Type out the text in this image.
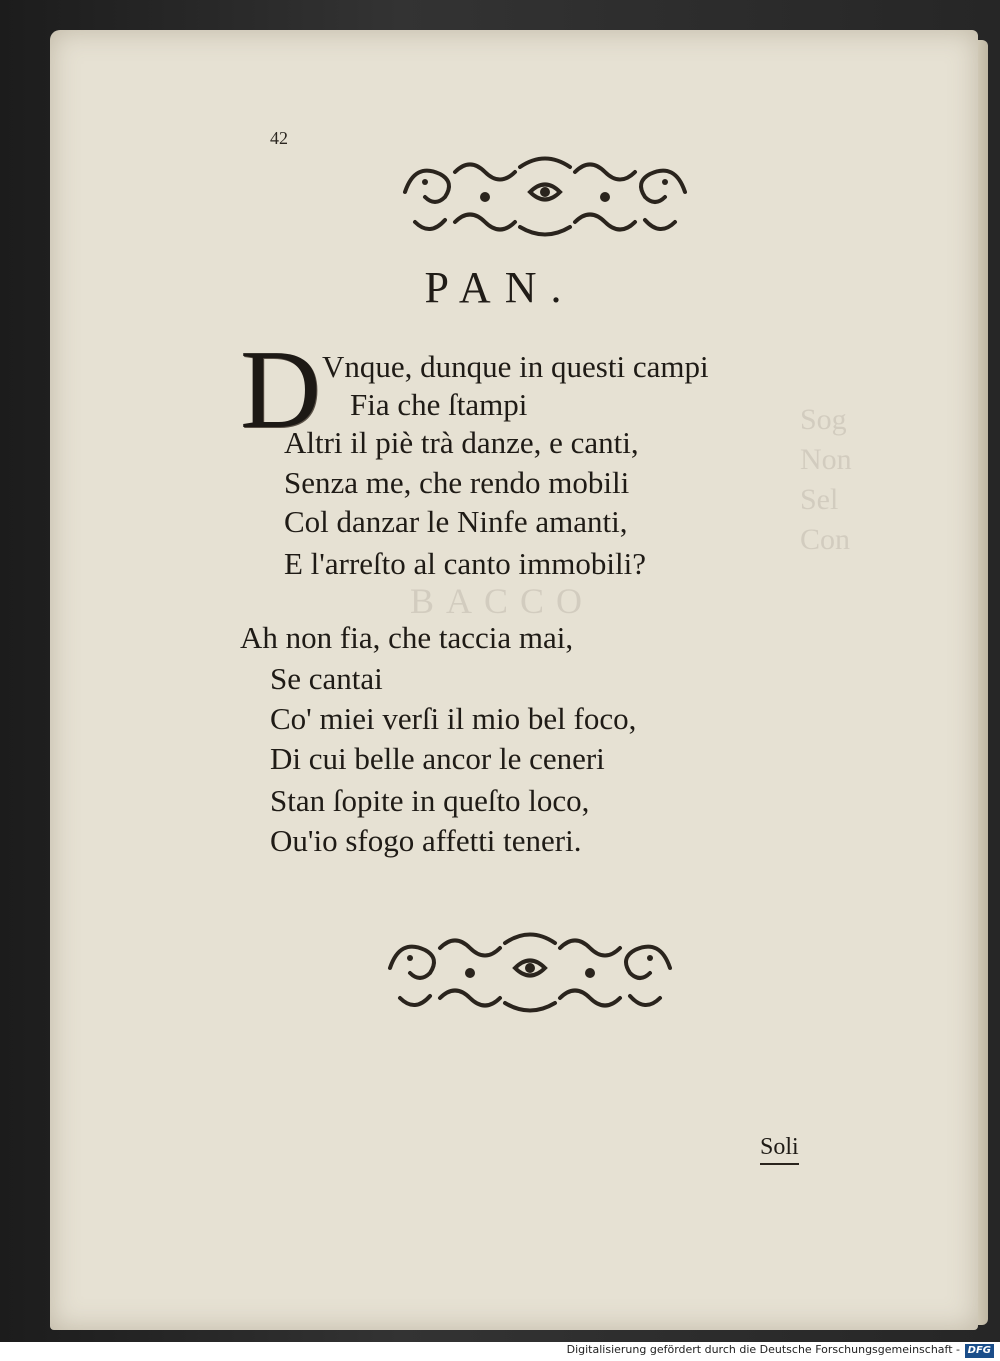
Sog
Non
Sel
Con
BACCO
42
PAN.
D Vnque, dunque in questi campi
Fia che ſtampi
Altri il piè trà danze, e canti,
Senza me, che rendo mobili
Col danzar le Ninfe amanti,
E l'arreſto al canto immobili?
Ah non fia, che taccia mai,
Se cantai
Co' miei verſi il mio bel foco,
Di cui belle ancor le ceneri
Stan ſopite in queſto loco,
Ou'io sfogo affetti teneri.
Soli
Digitalisierung gefördert durch die Deutsche Forschungsgemeinschaft - DFG
